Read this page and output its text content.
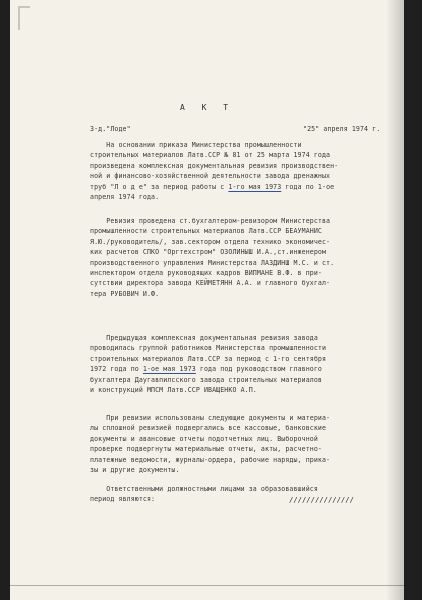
А К Т
З-д."Лоде"	"25" апреля 1974 г.
На основании приказа Министерства промышленности
строительных материалов Латв.ССР № 81 от 25 марта 1974 года
произведена комплексная документальная ревизия производствен-
ной и финансово-хозяйственной деятельности завода дренажных
труб "Л о д е" за период работы с 1-го мая 1973 года по 1-ое
апреля 1974 года.
Ревизия проведена ст.бухгалтером-ревизором Министерства
промышленности строительных материалов Латв.ССР БЕАУМАНИС
Я.Ю./руководитель/, зав.сектором отдела технико экономичес-
ких расчетов СПКО "Оргтехстром" ОЗОЛИНЫШ И.А.,ст.инженером
производственного управления Министерства ЛАЗДИНШ М.С. и ст.
инспектором отдела руководящих кадров ВИПМАНЕ В.Ф. в при-
сутствии директора завода КЕЙМЕТЯНН А.А. и главного бухгал-
тера РУБОВИЧ И.Ф.
Предыдущая комплексная документальная ревизия завода
проводилась группой работников Министерства промышленности
строительных материалов Латв.ССР за период с 1-го сентября
1972 года по 1-ое мая 1973 года под руководством главного
бухгалтера Даугавпилсского завода строительных материалов
и конструкций МПСМ Латв.ССР ИВАЩЕНКО А.П.
При ревизии использованы следующие документы и материа-
лы сплошной ревизией подвергались все кассовые, банковские
документы и авансовые отчеты подотчетных лиц. Выборочной
проверке подвергнуты материальные отчеты, акты, расчетно-
платежные ведомости, журналы-ордера, рабочие наряды, прика-
зы и другие документы.
Ответственными должностными лицами за образовавшийся
период являются:	///////////////
